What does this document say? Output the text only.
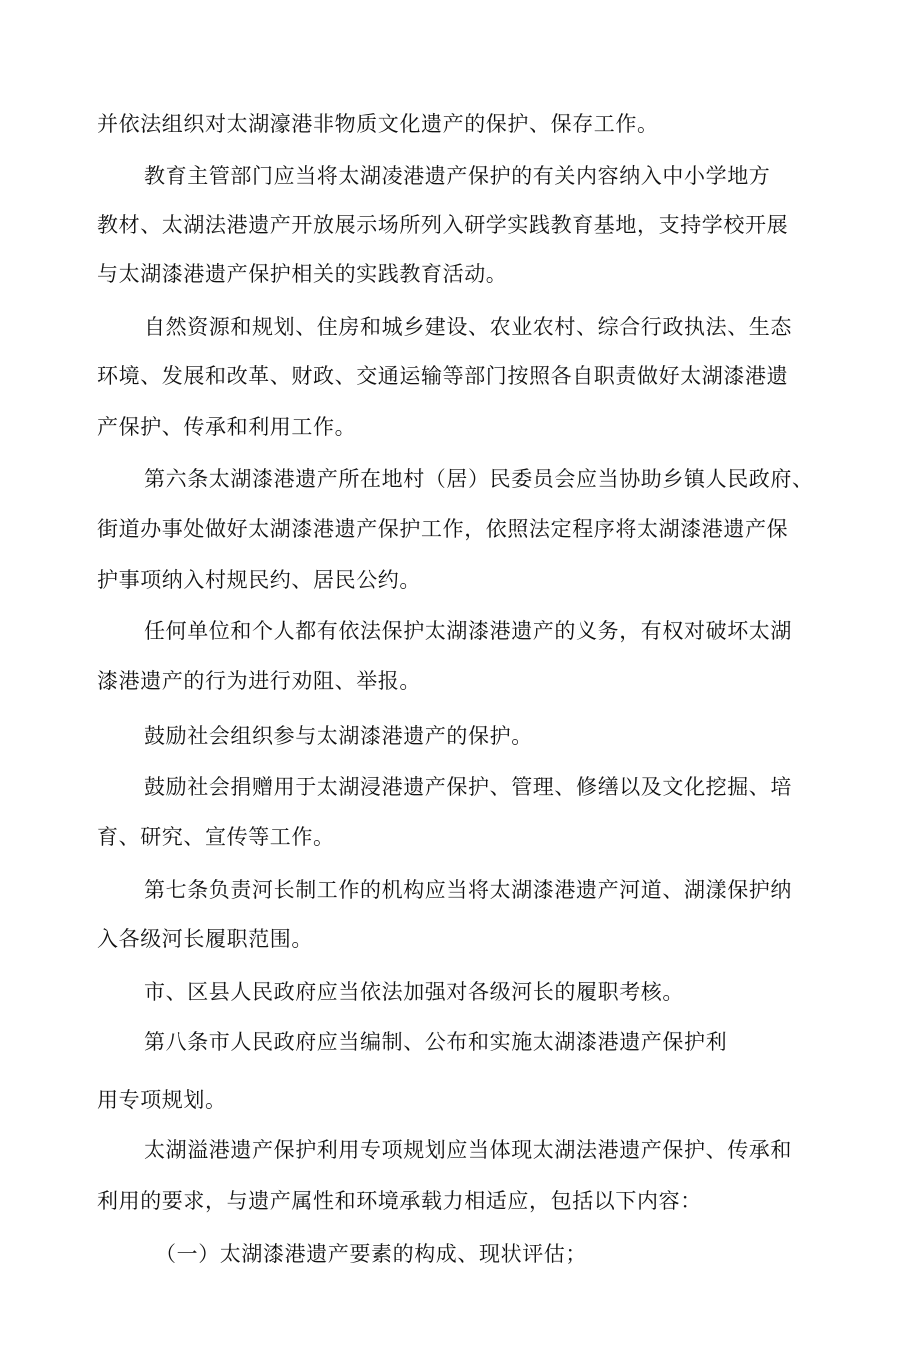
并依法组织对太湖濠港非物质文化遗产的保护、保存工作。
教育主管部门应当将太湖凌港遗产保护的有关内容纳入中小学地方
教材、太湖法港遗产开放展示场所列入研学实践教育基地，支持学校开展
与太湖漆港遗产保护相关的实践教育活动。
自然资源和规划、住房和城乡建设、农业农村、综合行政执法、生态
环境、发展和改革、财政、交通运输等部门按照各自职责做好太湖漆港遗
产保护、传承和利用工作。
第六条太湖漆港遗产所在地村（居）民委员会应当协助乡镇人民政府、
街道办事处做好太湖漆港遗产保护工作，依照法定程序将太湖漆港遗产保
护事项纳入村规民约、居民公约。
任何单位和个人都有依法保护太湖漆港遗产的义务，有权对破坏太湖
漆港遗产的行为进行劝阻、举报。
鼓励社会组织参与太湖漆港遗产的保护。
鼓励社会捐赠用于太湖浸港遗产保护、管理、修缮以及文化挖掘、培
育、研究、宣传等工作。
第七条负责河长制工作的机构应当将太湖漆港遗产河道、湖漾保护纳
入各级河长履职范围。
市、区县人民政府应当依法加强对各级河长的履职考核。
第八条市人民政府应当编制、公布和实施太湖漆港遗产保护利
用专项规划。
太湖溢港遗产保护利用专项规划应当体现太湖法港遗产保护、传承和
利用的要求，与遗产属性和环境承载力相适应，包括以下内容：
（一）太湖漆港遗产要素的构成、现状评估；
